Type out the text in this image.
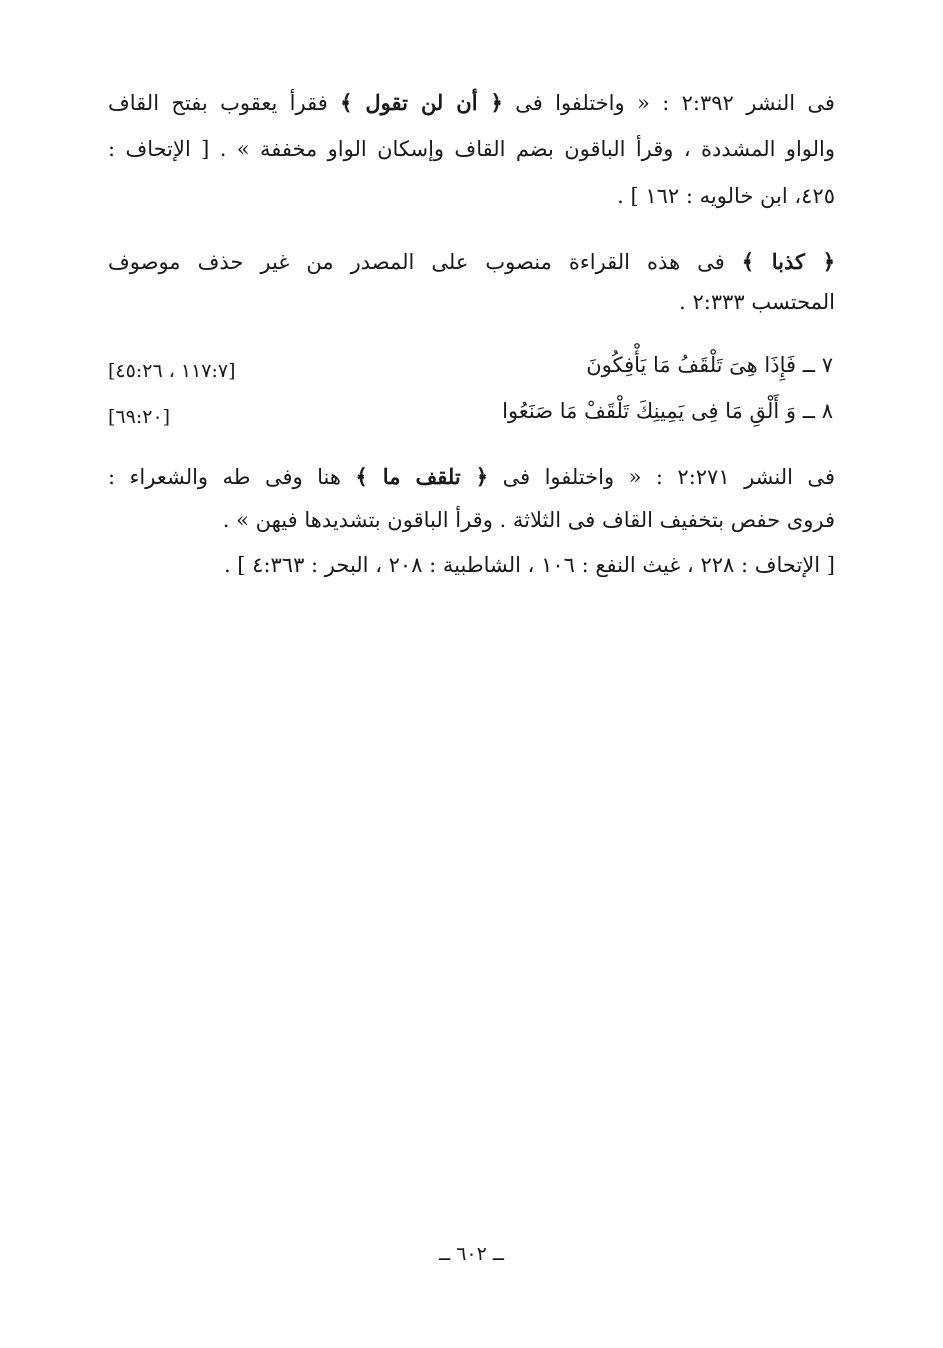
فى النشر ٢:٣٩٢ : « واختلفوا فى ﴿ أن لن تقول ﴾ فقرأ يعقوب بفتح القاف
والواو المشددة ، وقرأ الباقون بضم القاف وإسكان الواو مخففة » . [ الإتحاف :
٤٢٥، ابن خالويه : ١٦٢ ] .
﴿ كذبا ﴾ فى هذه القراءة منصوب على المصدر من غير حذف موصوف
المحتسب ٢:٣٣٣ .
٧ ــ فَإِذَا هِىَ تَلْقَفُ مَا يَأْفِكُونَ
[١١٧:٧ ، ٤٥:٢٦]
٨ ــ وَ أَلْقِ مَا فِى يَمِينِكَ تَلْقَفْ مَا صَنَعُوا
[٦٩:٢٠]
فى النشر ٢:٢٧١ : « واختلفوا فى ﴿ تلقف ما ﴾ هنا وفى طه والشعراء :
فروى حفص بتخفيف القاف فى الثلاثة . وقرأ الباقون بتشديدها فيهن » .
[ الإتحاف : ٢٢٨ ، غيث النفع : ١٠٦ ، الشاطبية : ٢٠٨ ، البحر : ٤:٣٦٣ ] .
ــ ٦٠٢ ــ
